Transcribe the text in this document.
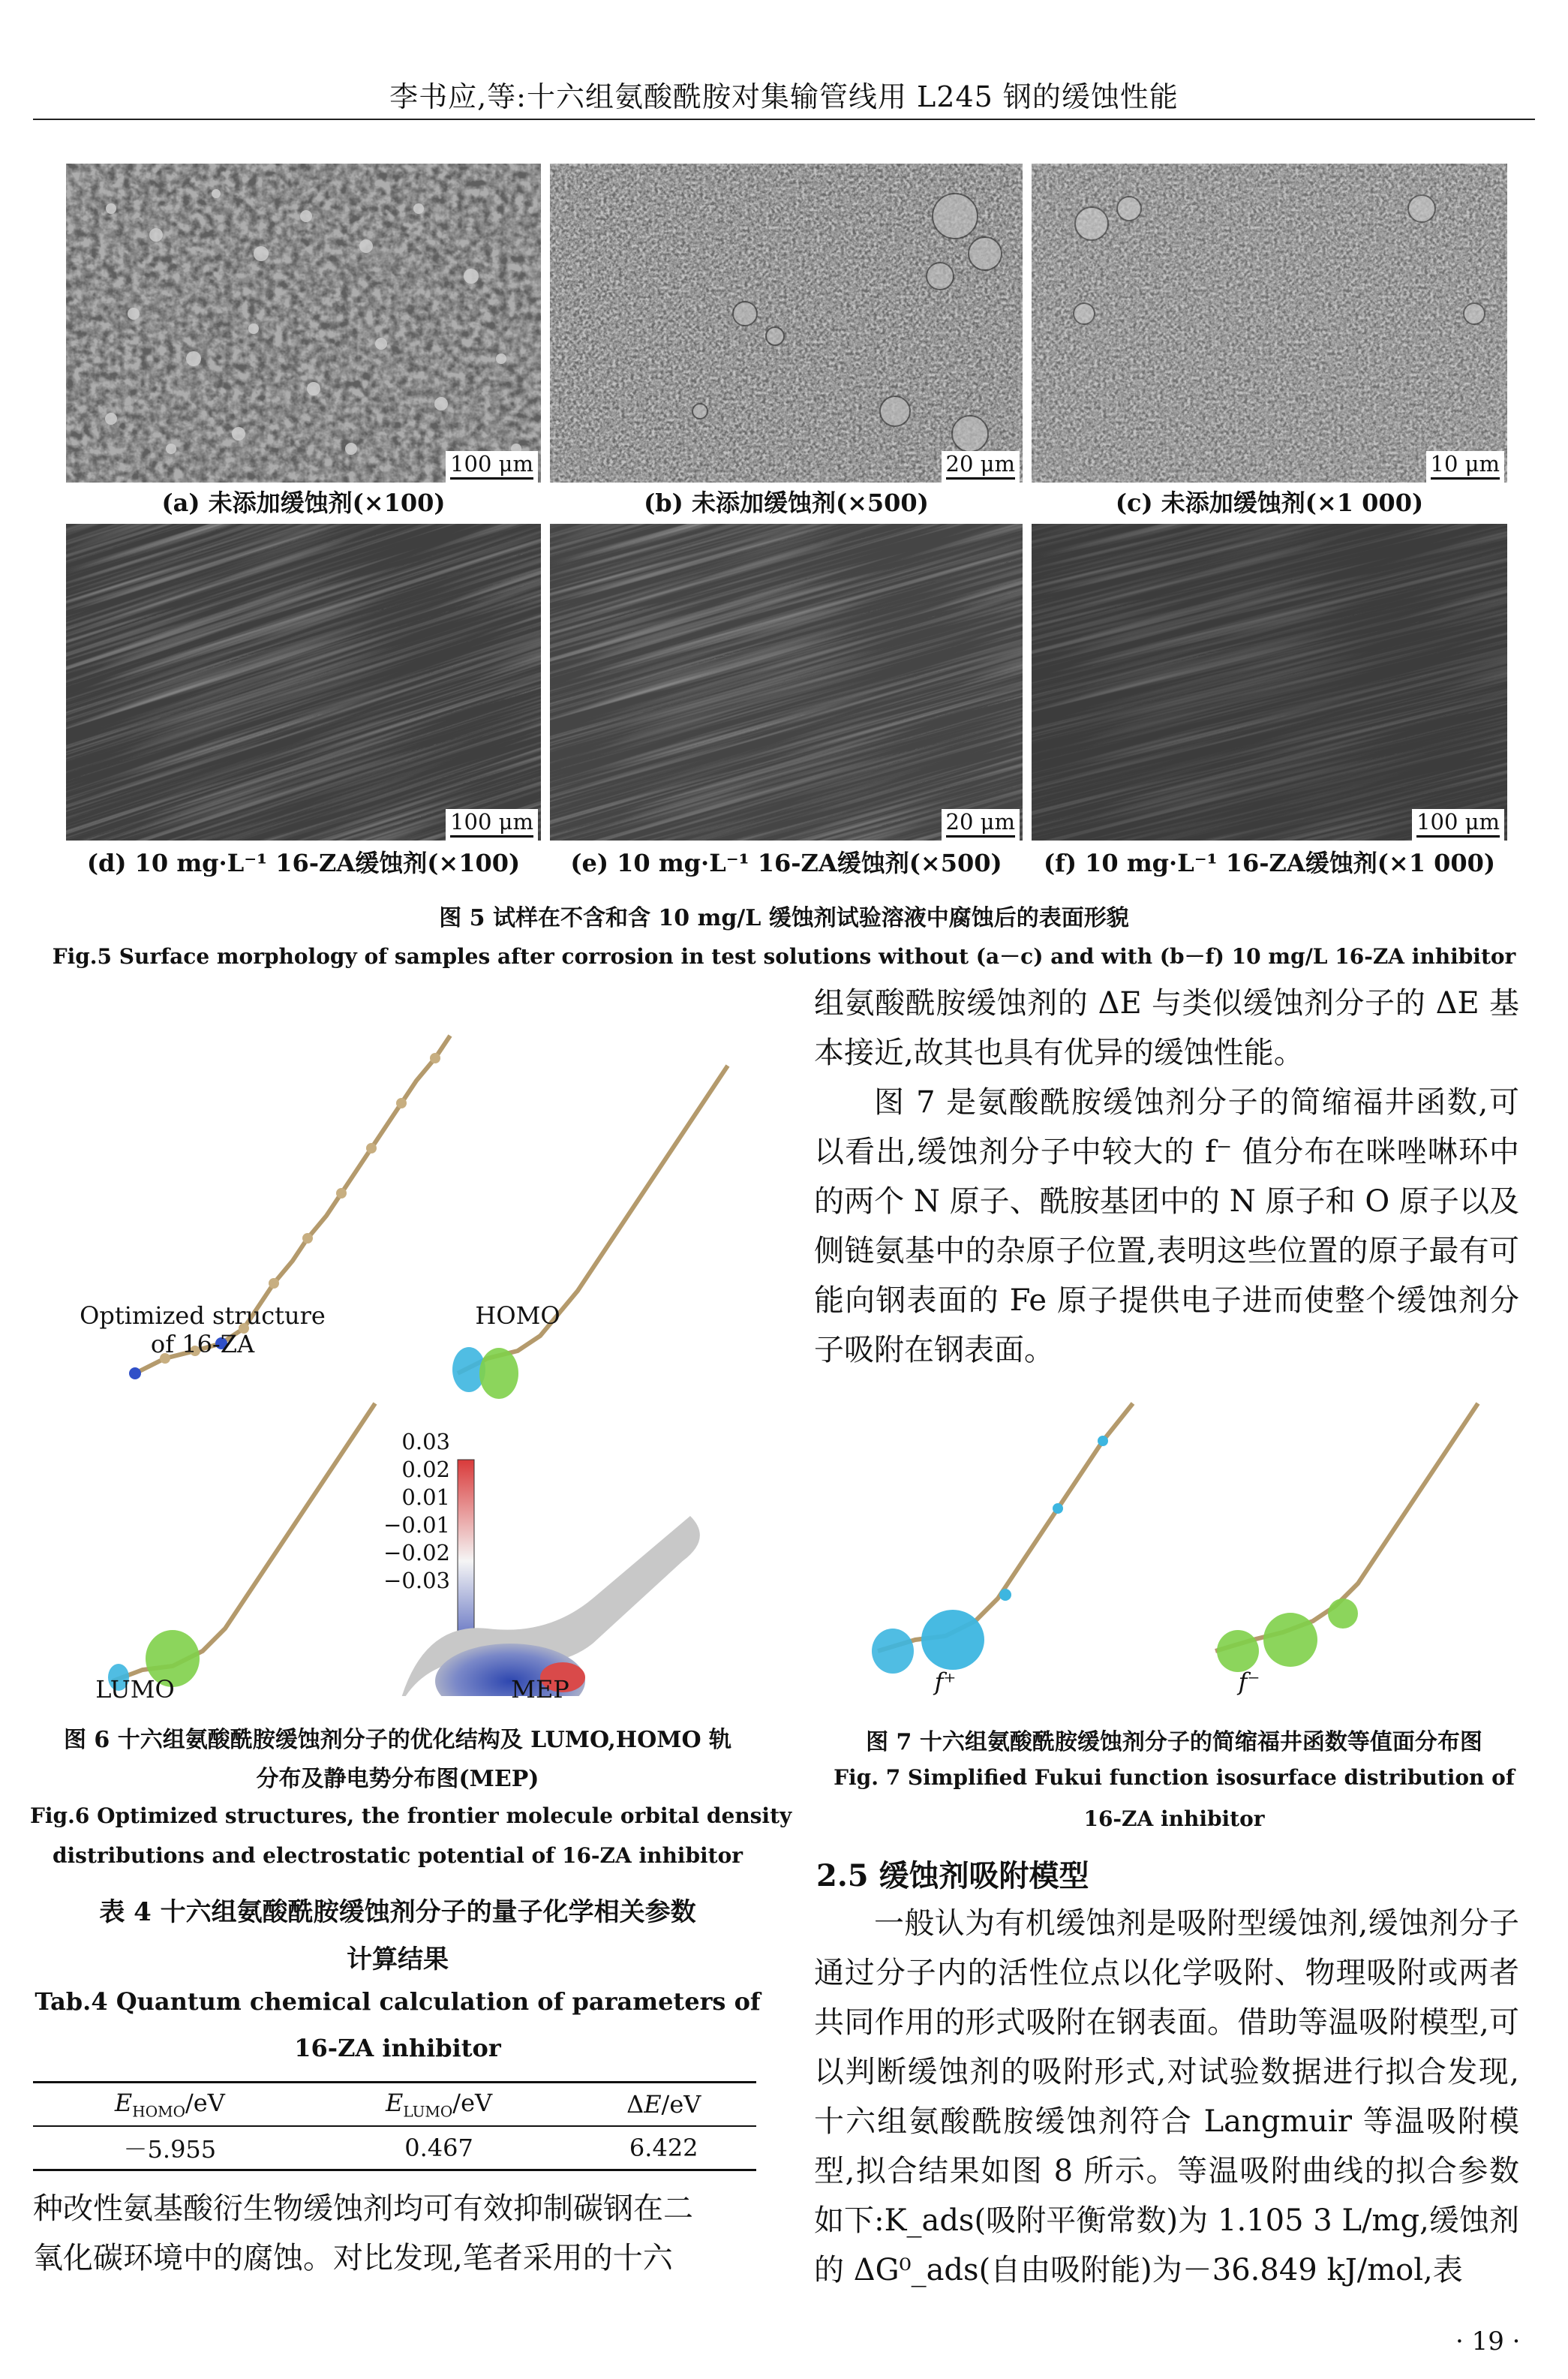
李书应,等:十六组氨酸酰胺对集输管线用 L245 钢的缓蚀性能
100 μm	20 μm	10 μm
(a) 未添加缓蚀剂(×100)	(b) 未添加缓蚀剂(×500)	(c) 未添加缓蚀剂(×1 000)
100 μm	20 μm	100 μm
(d) 10 mg·L⁻¹ 16-ZA缓蚀剂(×100)	(e) 10 mg·L⁻¹ 16-ZA缓蚀剂(×500)	(f) 10 mg·L⁻¹ 16-ZA缓蚀剂(×1 000)
图 5 试样在不含和含 10 mg/L 缓蚀剂试验溶液中腐蚀后的表面形貌
Fig.5 Surface morphology of samples after corrosion in test solutions without (a－c) and with (b－f) 10 mg/L 16-ZA inhibitor
0.03
0.02
0.01
−0.01
−0.02
−0.03
Optimized structure
of 16-ZA
HOMO
LUMO	MEP
图 6 十六组氨酸酰胺缓蚀剂分子的优化结构及 LUMO,HOMO 轨
分布及静电势分布图(MEP)
Fig.6 Optimized structures, the frontier molecule orbital density
distributions and electrostatic potential of 16-ZA inhibitor
表 4 十六组氨酸酰胺缓蚀剂分子的量子化学相关参数
计算结果
Tab.4 Quantum chemical calculation of parameters of
16-ZA inhibitor
$E_{HOMO}/eV$	$E_{LUMO}/eV$	ΔE/eV
－5.955	0.467	6.422

种改性氨基酸衍生物缓蚀剂均可有效抑制碳钢在二

氧化碳环境中的腐蚀。对比发现,笔者采用的十六

组氨酸酰胺缓蚀剂的 ΔE 与类似缓蚀剂分子的 ΔE 基本接近,故其也具有优异的缓蚀性能。

图 7 是氨酸酰胺缓蚀剂分子的简缩福井函数,可以看出,缓蚀剂分子中较大的 f⁻ 值分布在咪唑啉环中的两个 N 原子、酰胺基团中的 N 原子和 O 原子以及侧链氨基中的杂原子位置,表明这些位置的原子最有可能向钢表面的 Fe 原子提供电子进而使整个缓蚀剂分子吸附在钢表面。

f⁺	f⁻
图 7 十六组氨酸酰胺缓蚀剂分子的简缩福井函数等值面分布图
Fig. 7 Simplified Fukui function isosurface distribution of
16-ZA inhibitor
2.5 缓蚀剂吸附模型

一般认为有机缓蚀剂是吸附型缓蚀剂,缓蚀剂分子通过分子内的活性位点以化学吸附、物理吸附或两者共同作用的形式吸附在钢表面。借助等温吸附模型,可以判断缓蚀剂的吸附形式,对试验数据进行拟合发现,十六组氨酸酰胺缓蚀剂符合 Langmuir 等温吸附模型,拟合结果如图 8 所示。等温吸附曲线的拟合参数如下:K_ads(吸附平衡常数)为 1.105 3 L/mg,缓蚀剂的 ΔG⁰_ads(自由吸附能)为－36.849 kJ/mol,表

· 19 ·
